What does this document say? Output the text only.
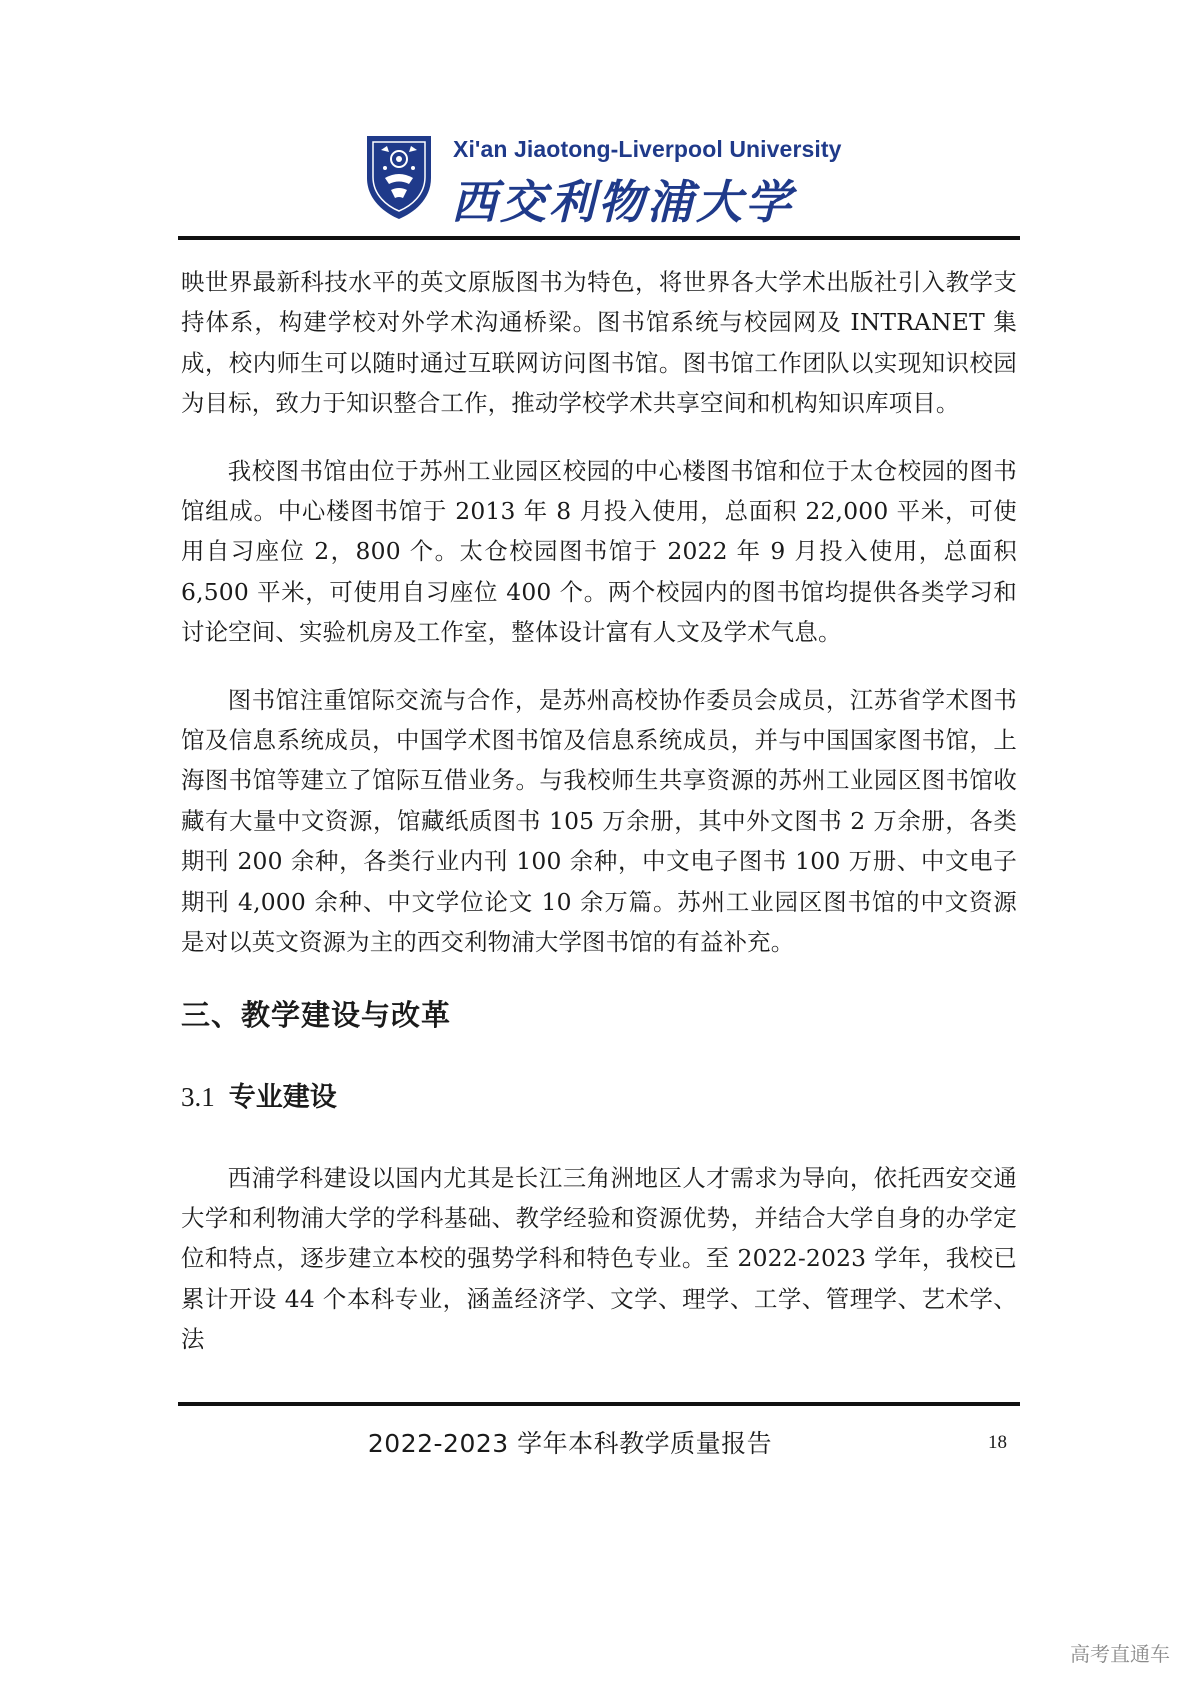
Xi'an Jiaotong-Liverpool University
西交利物浦大学

映世界最新科技水平的英文原版图书为特色，将世界各大学术出版社引入教学支持体系，构建学校对外学术沟通桥梁。图书馆系统与校园网及 INTRANET 集成，校内师生可以随时通过互联网访问图书馆。图书馆工作团队以实现知识校园为目标，致力于知识整合工作，推动学校学术共享空间和机构知识库项目。

我校图书馆由位于苏州工业园区校园的中心楼图书馆和位于太仓校园的图书馆组成。中心楼图书馆于 2013 年 8 月投入使用，总面积 22,000 平米，可使用自习座位 2，800 个。太仓校园图书馆于 2022 年 9 月投入使用，总面积 6,500 平米，可使用自习座位 400 个。两个校园内的图书馆均提供各类学习和讨论空间、实验机房及工作室，整体设计富有人文及学术气息。

图书馆注重馆际交流与合作，是苏州高校协作委员会成员，江苏省学术图书馆及信息系统成员，中国学术图书馆及信息系统成员，并与中国国家图书馆，上海图书馆等建立了馆际互借业务。与我校师生共享资源的苏州工业园区图书馆收藏有大量中文资源，馆藏纸质图书 105 万余册，其中外文图书 2 万余册，各类期刊 200 余种，各类行业内刊 100 余种，中文电子图书 100 万册、中文电子期刊 4,000 余种、中文学位论文 10 余万篇。苏州工业园区图书馆的中文资源是对以英文资源为主的西交利物浦大学图书馆的有益补充。

三、教学建设与改革
3.1 专业建设

西浦学科建设以国内尤其是长江三角洲地区人才需求为导向，依托西安交通大学和利物浦大学的学科基础、教学经验和资源优势，并结合大学自身的办学定位和特点，逐步建立本校的强势学科和特色专业。至 2022-2023 学年，我校已累计开设 44 个本科专业，涵盖经济学、文学、理学、工学、管理学、艺术学、法

2022-2023 学年本科教学质量报告	18
高考直通车
